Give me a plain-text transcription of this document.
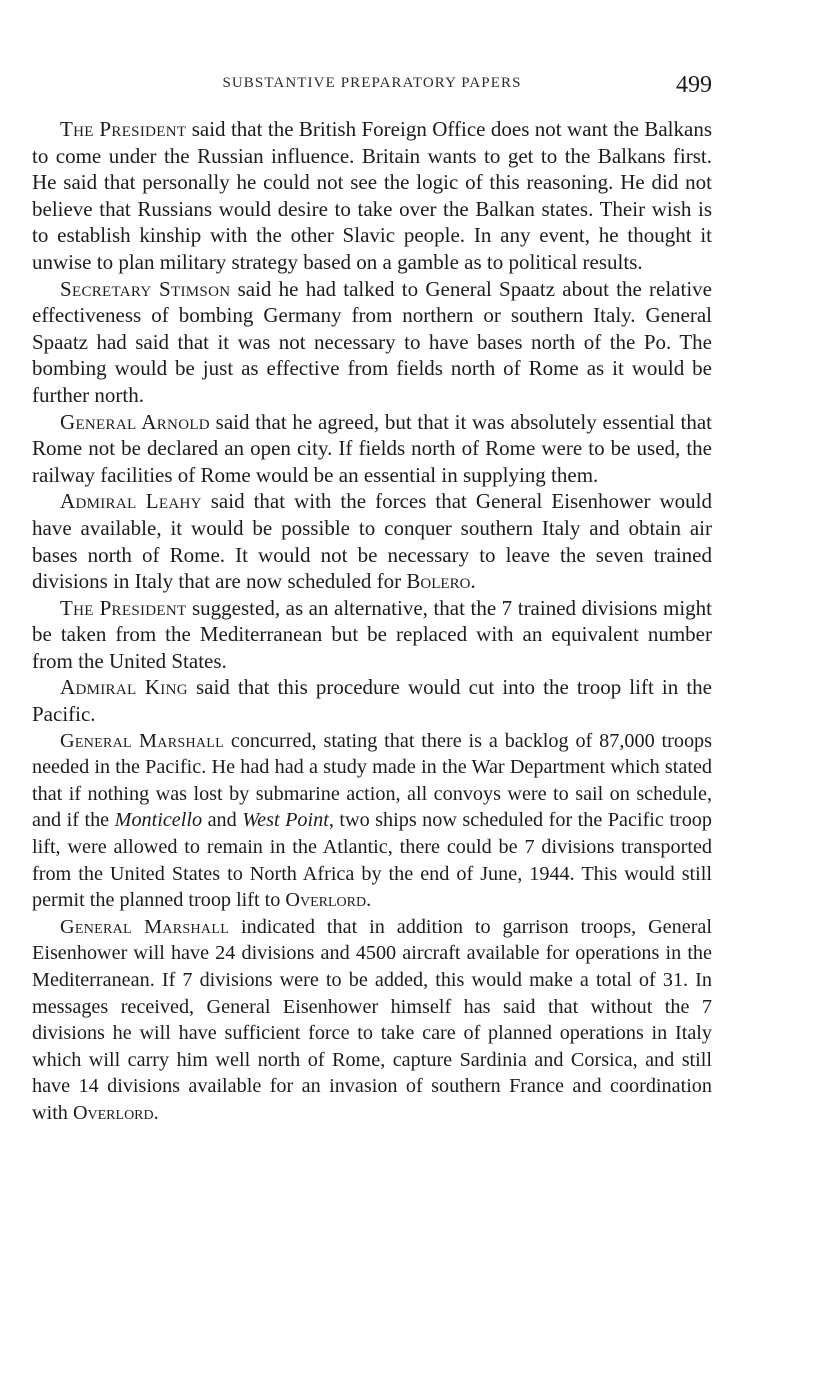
SUBSTANTIVE PREPARATORY PAPERS	499

The President said that the British Foreign Office does not want the Balkans to come under the Russian influence. Britain wants to get to the Balkans first. He said that personally he could not see the logic of this reasoning. He did not believe that Russians would desire to take over the Balkan states. Their wish is to establish kinship with the other Slavic people. In any event, he thought it unwise to plan military strategy based on a gamble as to political results.

Secretary Stimson said he had talked to General Spaatz about the relative effectiveness of bombing Germany from northern or southern Italy. General Spaatz had said that it was not necessary to have bases north of the Po. The bombing would be just as effective from fields north of Rome as it would be further north.

General Arnold said that he agreed, but that it was absolutely essential that Rome not be declared an open city. If fields north of Rome were to be used, the railway facilities of Rome would be an essential in supplying them.

Admiral Leahy said that with the forces that General Eisenhower would have available, it would be possible to conquer southern Italy and obtain air bases north of Rome. It would not be necessary to leave the seven trained divisions in Italy that are now scheduled for Bolero.

The President suggested, as an alternative, that the 7 trained divisions might be taken from the Mediterranean but be replaced with an equivalent number from the United States.

Admiral King said that this procedure would cut into the troop lift in the Pacific.

General Marshall concurred, stating that there is a backlog of 87,000 troops needed in the Pacific. He had had a study made in the War Department which stated that if nothing was lost by submarine action, all convoys were to sail on schedule, and if the Monticello and West Point, two ships now scheduled for the Pacific troop lift, were allowed to remain in the Atlantic, there could be 7 divisions transported from the United States to North Africa by the end of June, 1944. This would still permit the planned troop lift to Overlord.

General Marshall indicated that in addition to garrison troops, General Eisenhower will have 24 divisions and 4500 aircraft available for operations in the Mediterranean. If 7 divisions were to be added, this would make a total of 31. In messages received, General Eisenhower himself has said that without the 7 divisions he will have sufficient force to take care of planned operations in Italy which will carry him well north of Rome, capture Sardinia and Corsica, and still have 14 divisions available for an invasion of southern France and coordination with Overlord.
